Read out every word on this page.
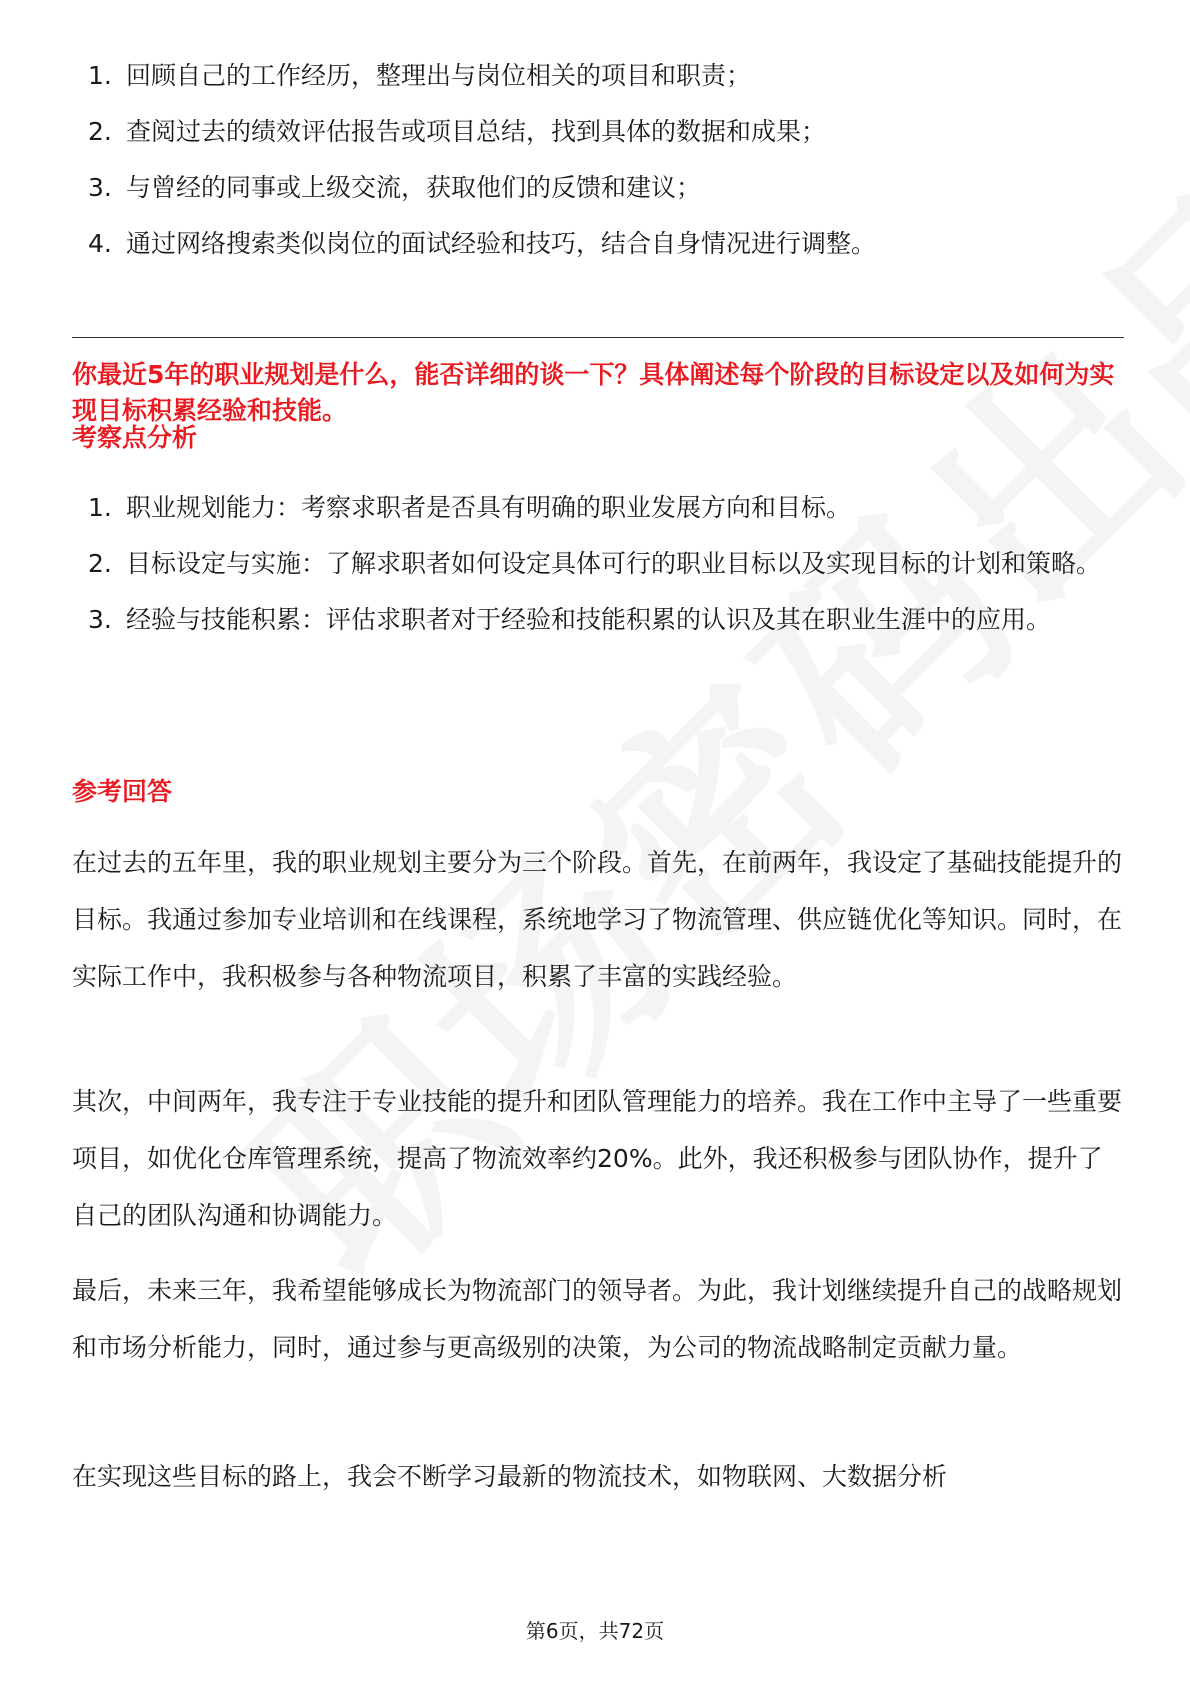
1. 回顾自己的工作经历，整理出与岗位相关的项目和职责；
2. 查阅过去的绩效评估报告或项目总结，找到具体的数据和成果；
3. 与曾经的同事或上级交流，获取他们的反馈和建议；
4. 通过网络搜索类似岗位的面试经验和技巧，结合自身情况进行调整。
你最近5年的职业规划是什么，能否详细的谈一下？具体阐述每个阶段的目标设定以及如何为实现目标积累经验和技能。
考察点分析
1. 职业规划能力：考察求职者是否具有明确的职业发展方向和目标。
2. 目标设定与实施：了解求职者如何设定具体可行的职业目标以及实现目标的计划和策略。
3. 经验与技能积累：评估求职者对于经验和技能积累的认识及其在职业生涯中的应用。
参考回答

在过去的五年里，我的职业规划主要分为三个阶段。首先，在前两年，我设定了基础技能提升的目标。我通过参加专业培训和在线课程，系统地学习了物流管理、供应链优化等知识。同时，在实际工作中，我积极参与各种物流项目，积累了丰富的实践经验。

其次，中间两年，我专注于专业技能的提升和团队管理能力的培养。我在工作中主导了一些重要项目，如优化仓库管理系统，提高了物流效率约20%。此外，我还积极参与团队协作，提升了自己的团队沟通和协调能力。

最后，未来三年，我希望能够成长为物流部门的领导者。为此，我计划继续提升自己的战略规划和市场分析能力，同时，通过参与更高级别的决策，为公司的物流战略制定贡献力量。

在实现这些目标的路上，我会不断学习最新的物流技术，如物联网、大数据分析

第6页，共72页
